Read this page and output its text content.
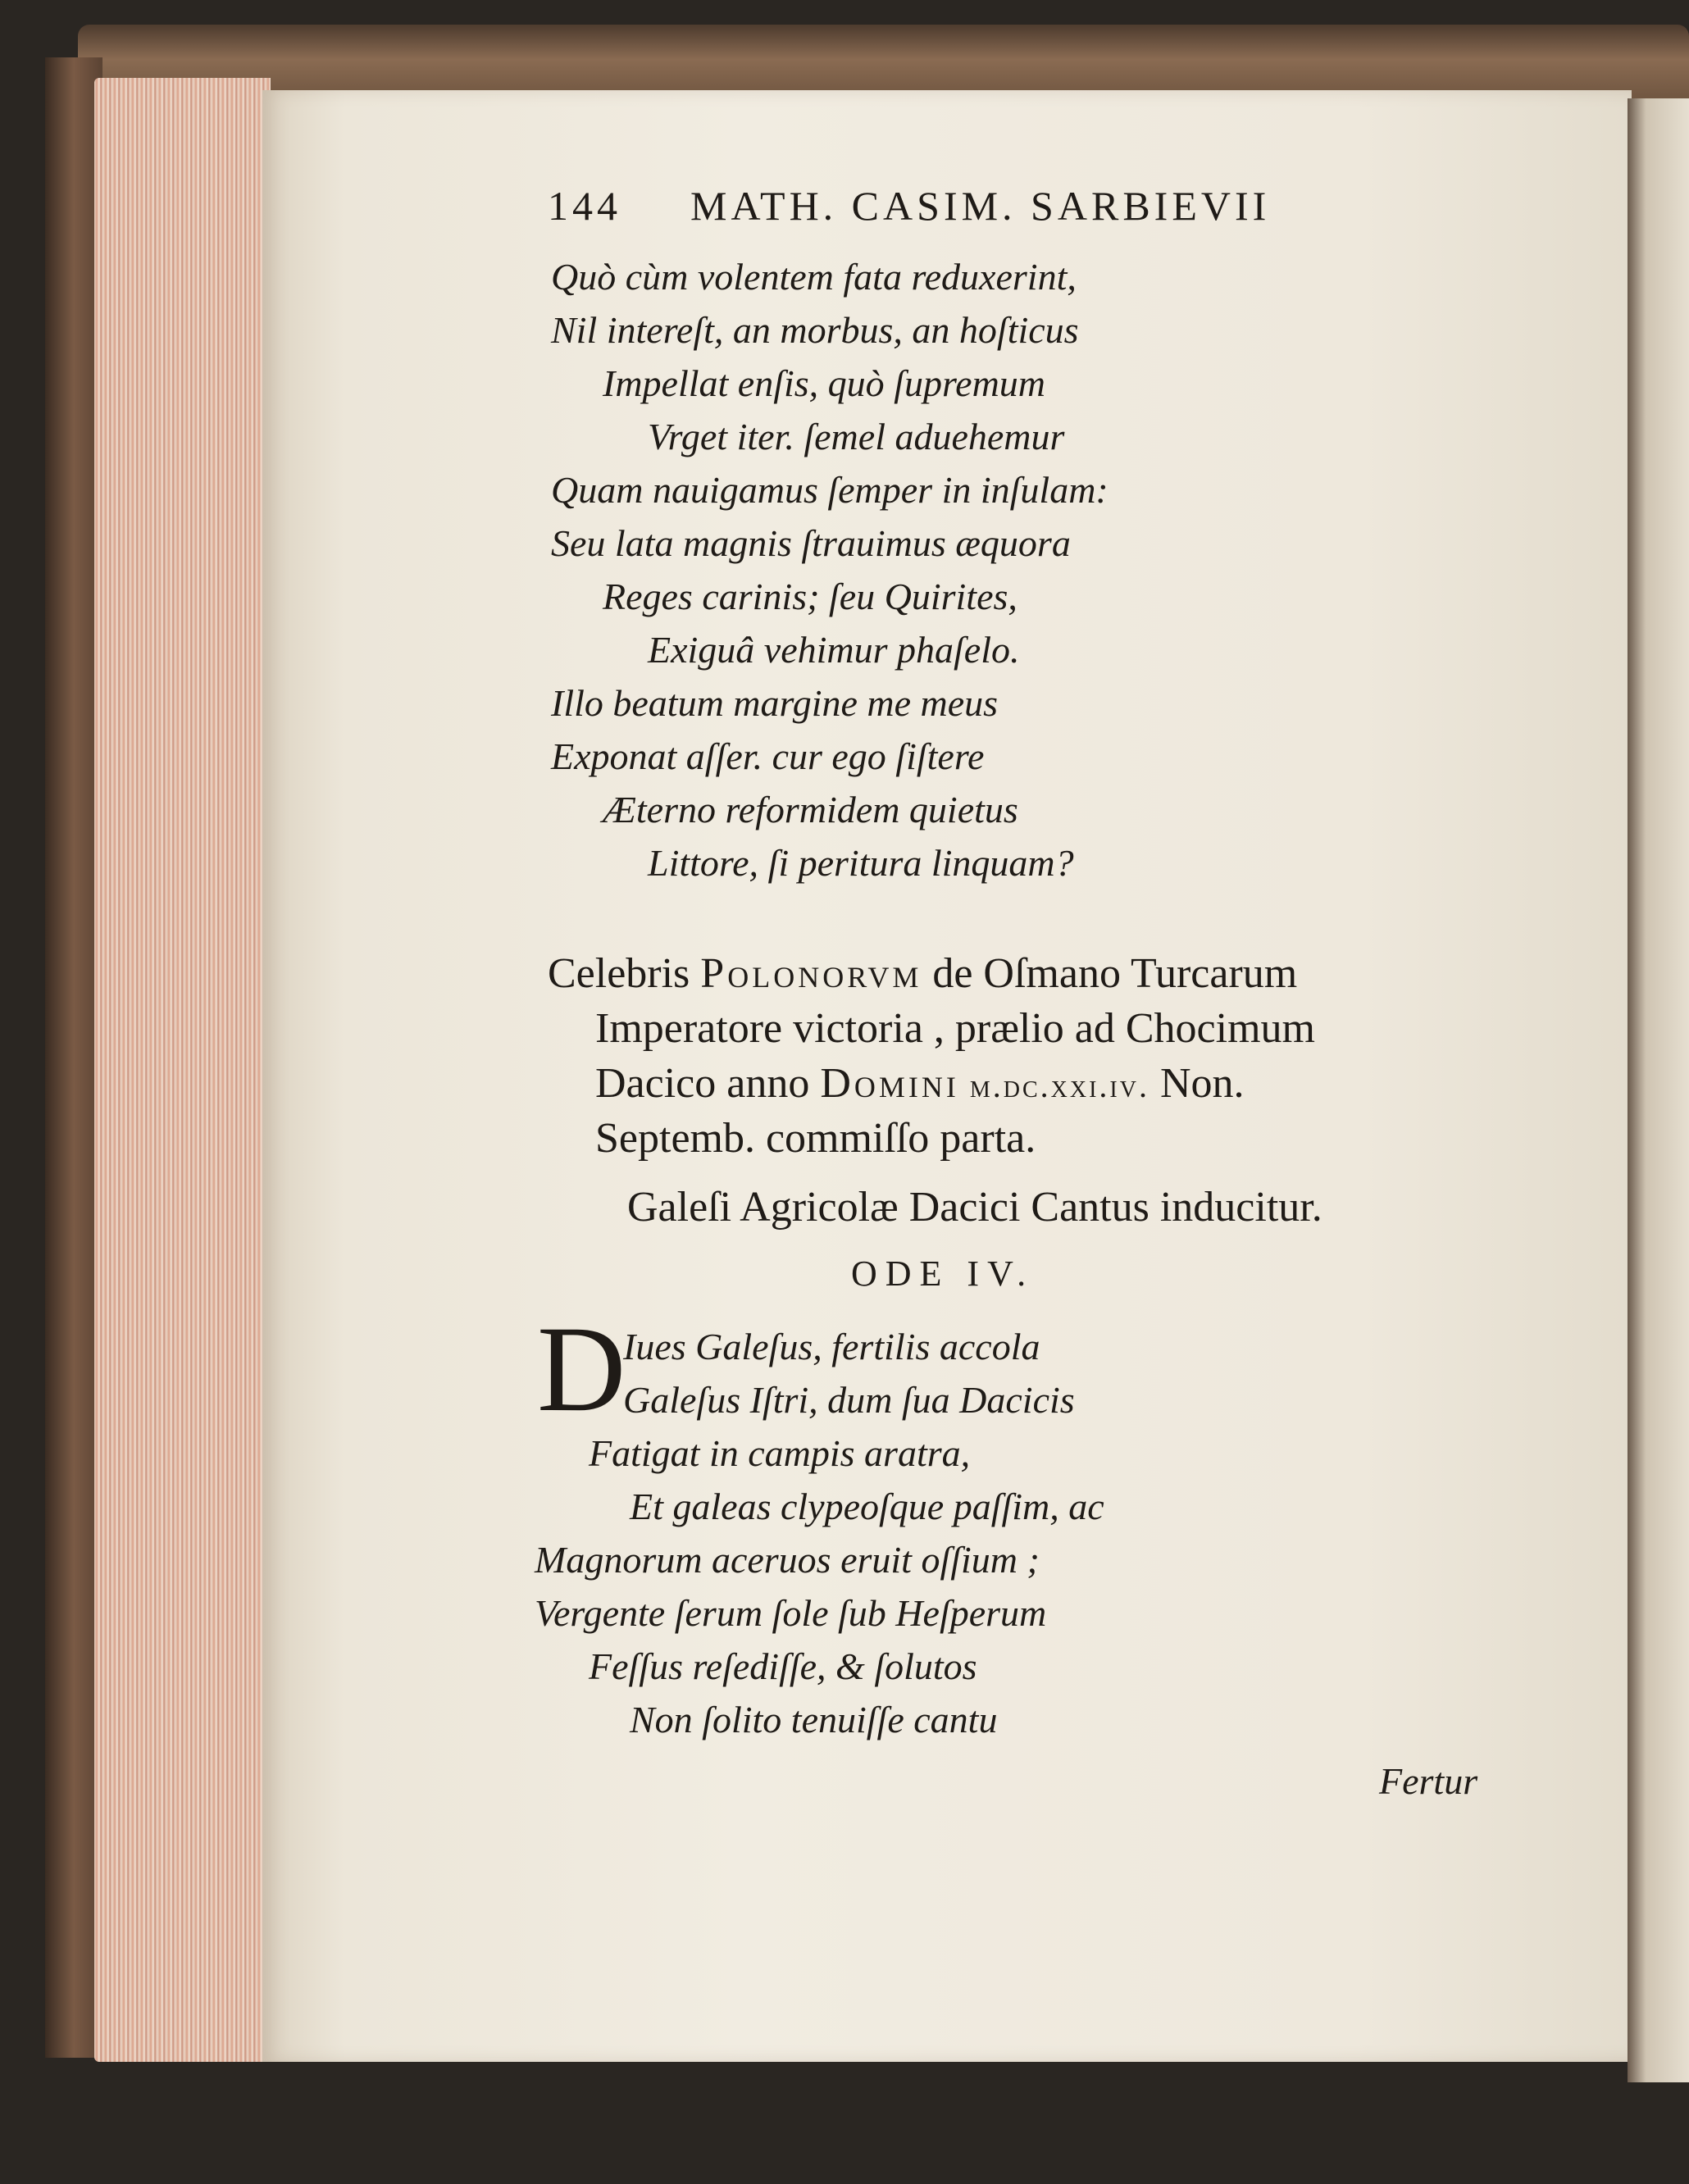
144 MATH. CASIM. SARBIEVII
Quò cùm volentem fata reduxerint,
Nil intereſt, an morbus, an hoſticus
Impellat enſis, quò ſupremum
Vrget iter. ſemel aduehemur
Quam nauigamus ſemper in inſulam:
Seu lata magnis ſtrauimus æquora
Reges carinis; ſeu Quirites,
Exiguâ vehimur phaſelo.
Illo beatum margine me meus
Exponat aſſer. cur ego ſiſtere
Æterno reformidem quietus
Littore, ſi peritura linquam?
Celebris Polonorvm de Oſmano Turcarum
Imperatore victoria , prælio ad Chocimum
Dacico anno Domini m.dc.xxi.iv. Non.
Septemb. commiſſo parta.
Galeſi Agricolæ Dacici Cantus inducitur.
ODE IV.
D
Iues Galeſus, fertilis accola
Galeſus Iſtri, dum ſua Dacicis
Fatigat in campis aratra,
Et galeas clypeoſque paſſim, ac
Magnorum aceruos eruit oſſium ;
Vergente ſerum ſole ſub Heſperum
Feſſus reſediſſe, & ſolutos
Non ſolito tenuiſſe cantu
Fertur
